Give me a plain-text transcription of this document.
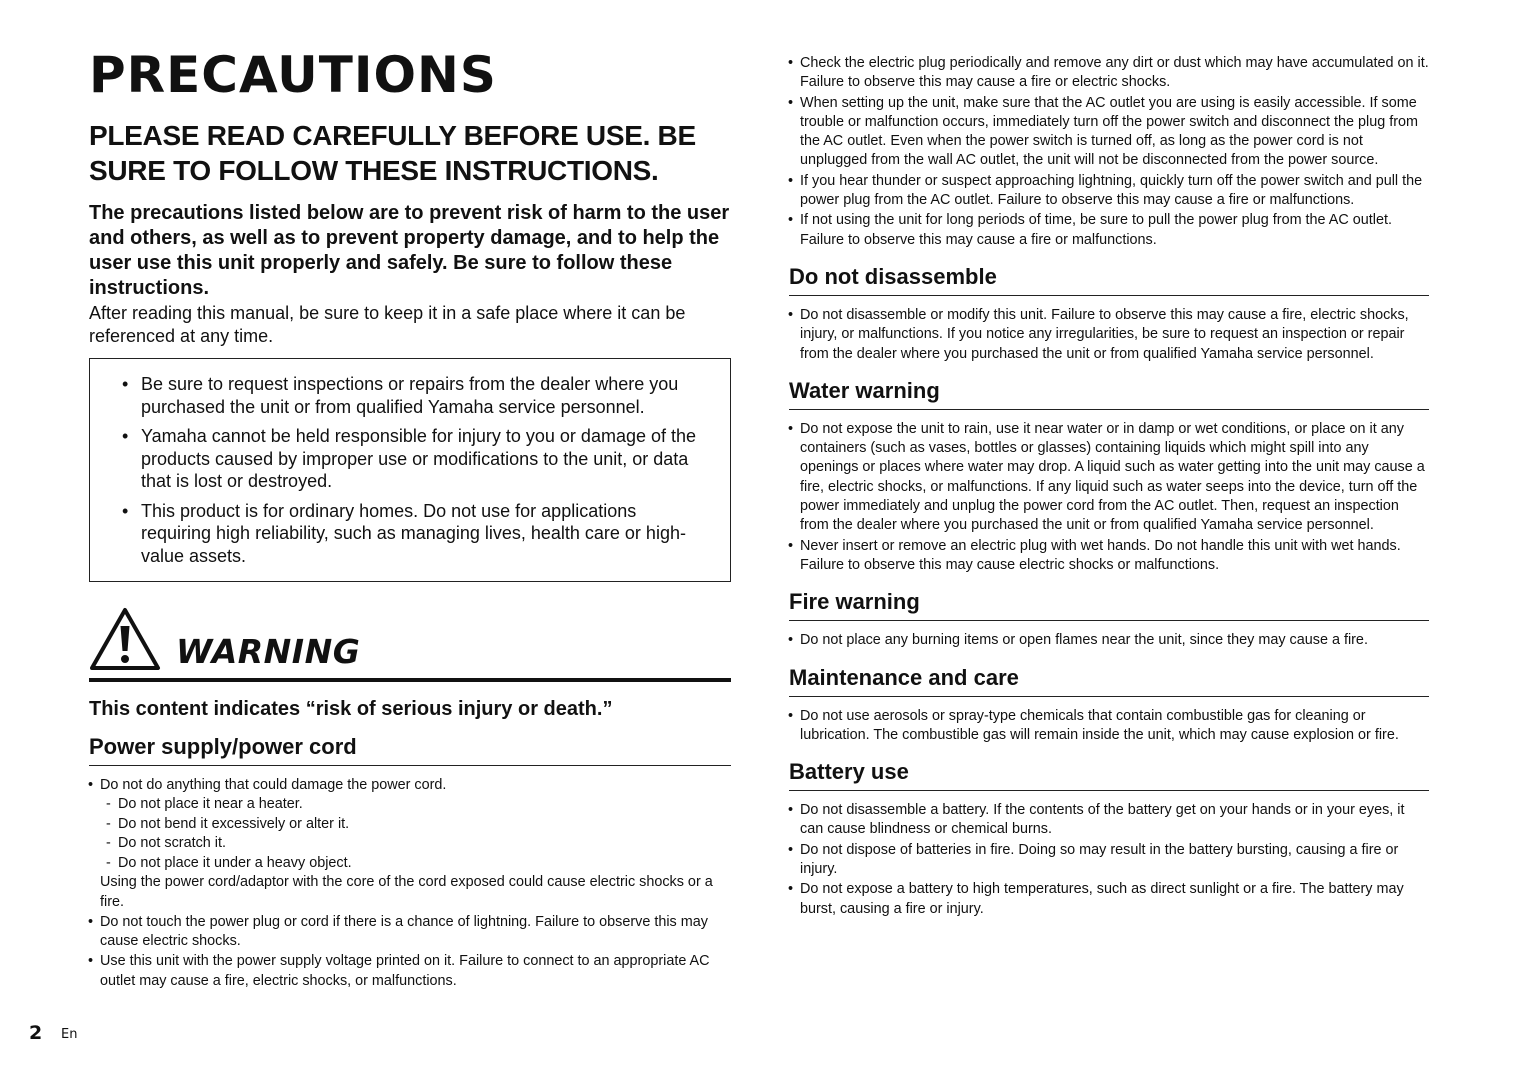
PRECAUTIONS
PLEASE READ CAREFULLY BEFORE USE. BE SURE TO FOLLOW THESE INSTRUCTIONS.

The precautions listed below are to prevent risk of harm to the user and others, as well as to prevent property damage, and to help the user use this unit properly and safely. Be sure to follow these instructions.

After reading this manual, be sure to keep it in a safe place where it can be referenced at any time.

• Be sure to request inspections or repairs from the dealer where you purchased the unit or from qualified Yamaha service personnel.
• Yamaha cannot be held responsible for injury to you or damage of the products caused by improper use or modifications to the unit, or data that is lost or destroyed.
• This product is for ordinary homes. Do not use for applications requiring high reliability, such as managing lives, health care or high-value assets.
WARNING

This content indicates “risk of serious injury or death.”

Power supply/power cord
• Do not do anything that could damage the power cord.
- Do not place it near a heater.
- Do not bend it excessively or alter it.
- Do not scratch it.
- Do not place it under a heavy object.
Using the power cord/adaptor with the core of the cord exposed could cause electric shocks or a fire.
• Do not touch the power plug or cord if there is a chance of lightning. Failure to observe this may cause electric shocks.
• Use this unit with the power supply voltage printed on it. Failure to connect to an appropriate AC outlet may cause a fire, electric shocks, or malfunctions.
• Check the electric plug periodically and remove any dirt or dust which may have accumulated on it. Failure to observe this may cause a fire or electric shocks.
• When setting up the unit, make sure that the AC outlet you are using is easily accessible. If some trouble or malfunction occurs, immediately turn off the power switch and disconnect the plug from the AC outlet. Even when the power switch is turned off, as long as the power cord is not unplugged from the wall AC outlet, the unit will not be disconnected from the power source.
• If you hear thunder or suspect approaching lightning, quickly turn off the power switch and pull the power plug from the AC outlet. Failure to observe this may cause a fire or malfunctions.
• If not using the unit for long periods of time, be sure to pull the power plug from the AC outlet. Failure to observe this may cause a fire or malfunctions.
Do not disassemble
• Do not disassemble or modify this unit. Failure to observe this may cause a fire, electric shocks, injury, or malfunctions. If you notice any irregularities, be sure to request an inspection or repair from the dealer where you purchased the unit or from qualified Yamaha service personnel.
Water warning
• Do not expose the unit to rain, use it near water or in damp or wet conditions, or place on it any containers (such as vases, bottles or glasses) containing liquids which might spill into any openings or places where water may drop. A liquid such as water getting into the unit may cause a fire, electric shocks, or malfunctions. If any liquid such as water seeps into the device, turn off the power immediately and unplug the power cord from the AC outlet. Then, request an inspection from the dealer where you purchased the unit or from qualified Yamaha service personnel.
• Never insert or remove an electric plug with wet hands. Do not handle this unit with wet hands. Failure to observe this may cause electric shocks or malfunctions.
Fire warning
• Do not place any burning items or open flames near the unit, since they may cause a fire.
Maintenance and care
• Do not use aerosols or spray-type chemicals that contain combustible gas for cleaning or lubrication. The combustible gas will remain inside the unit, which may cause explosion or fire.
Battery use
• Do not disassemble a battery. If the contents of the battery get on your hands or in your eyes, it can cause blindness or chemical burns.
• Do not dispose of batteries in fire. Doing so may result in the battery bursting, causing a fire or injury.
• Do not expose a battery to high temperatures, such as direct sunlight or a fire. The battery may burst, causing a fire or injury.
2 En
